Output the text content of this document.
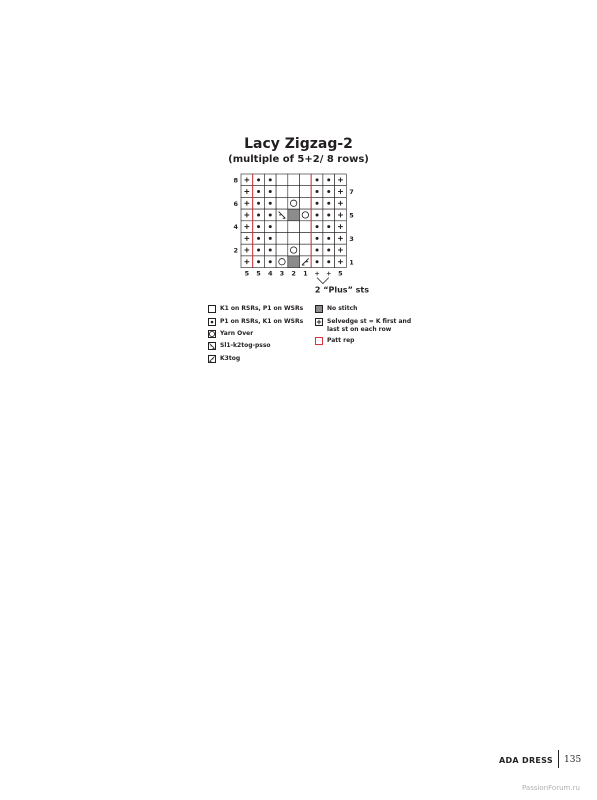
Lacy Zigzag-2
(multiple of 5+2/ 8 rows)
8
7
6
5
4
3
2
1
5 5 4 3 2 1 + + 5
2 “Plus” sts
K1 on RSRs, P1 on WSRs
P1 on RSRs, K1 on WSRs
Yarn Over
Sl1-k2tog-psso
K3tog
No stitch
Selvedge st = K first and
last st on each row
Patt rep
ADA DRESS 135
PassionForum.ru
